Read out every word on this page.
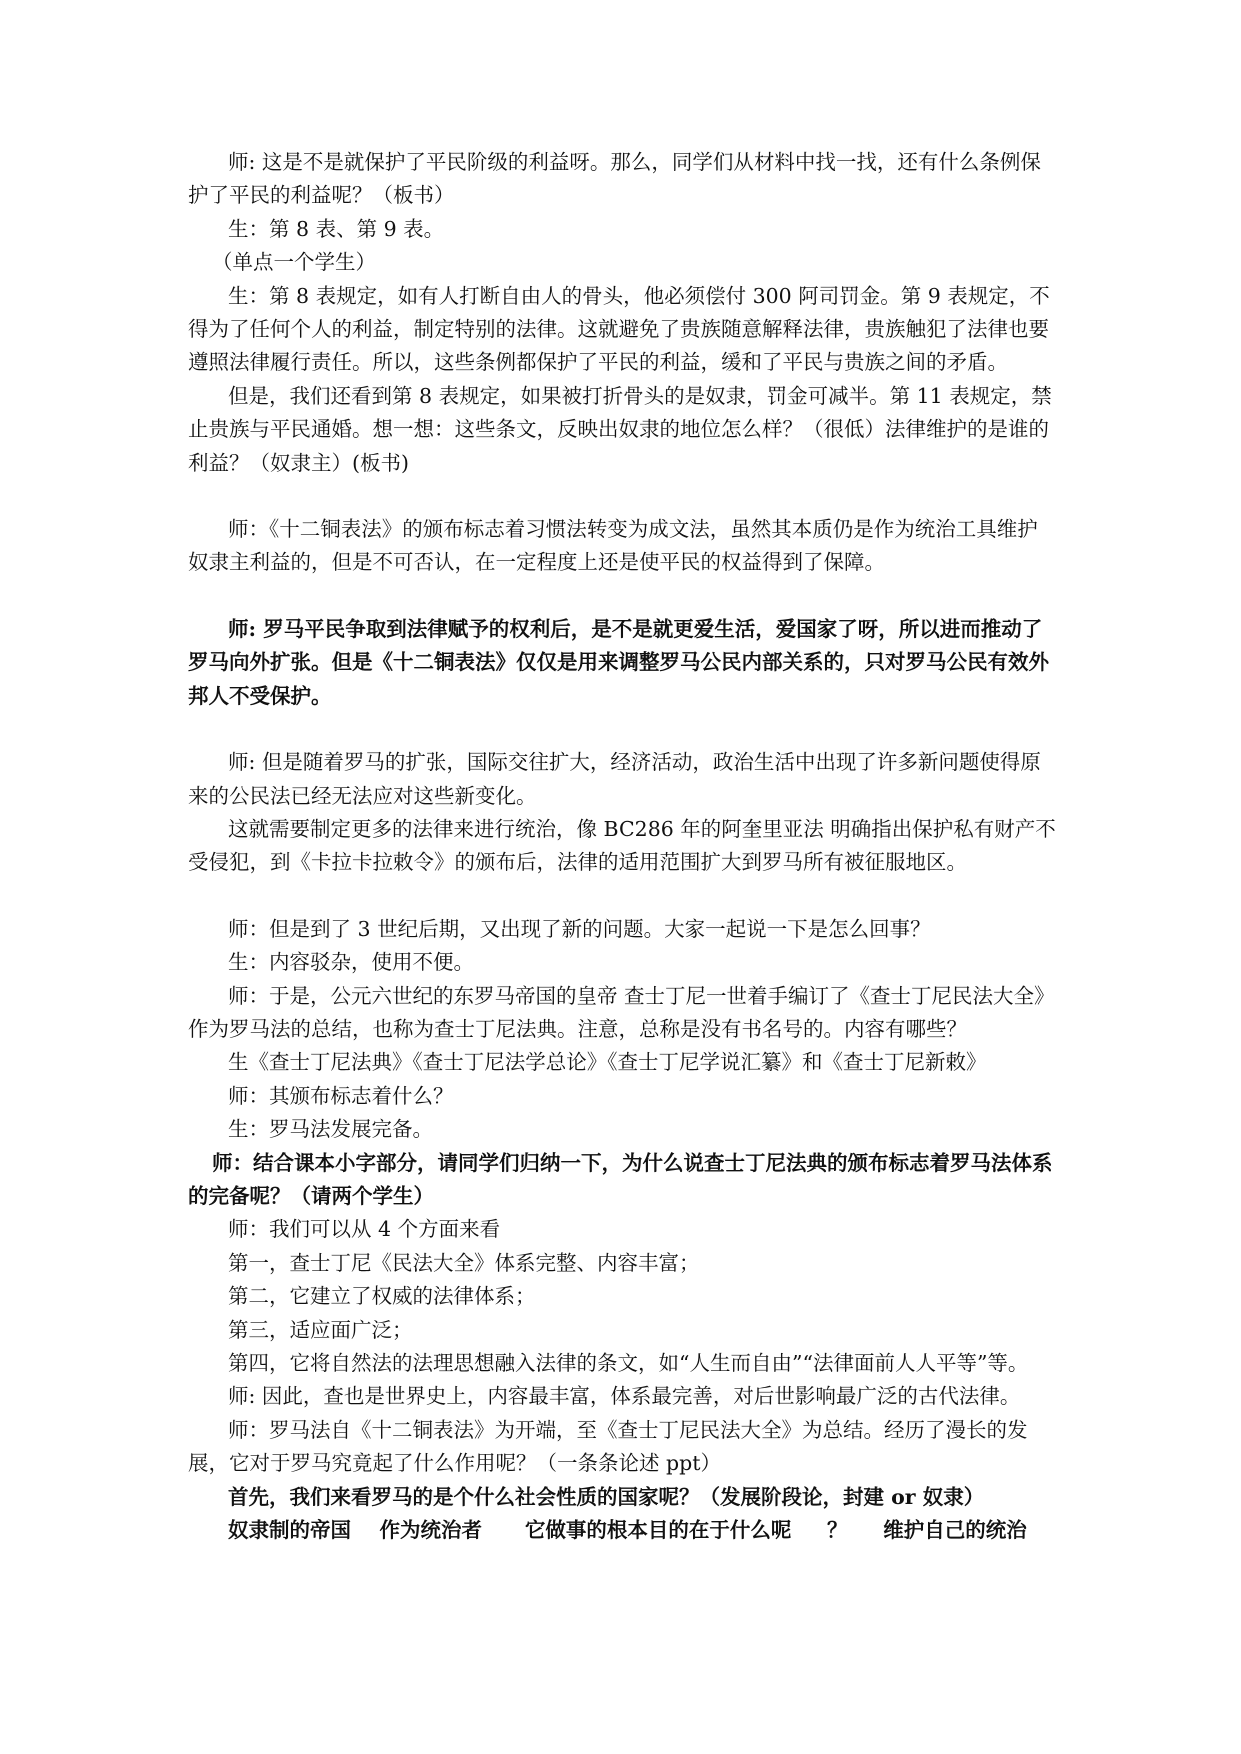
师: 这是不是就保护了平民阶级的利益呀。那么，同学们从材料中找一找，还有什么条例保护了平民的利益呢？（板书）

生：第 8 表、第 9 表。

（单点一个学生）

生：第 8 表规定，如有人打断自由人的骨头，他必须偿付 300 阿司罚金。第 9 表规定，不得为了任何个人的利益，制定特别的法律。这就避免了贵族随意解释法律，贵族触犯了法律也要遵照法律履行责任。所以，这些条例都保护了平民的利益，缓和了平民与贵族之间的矛盾。

但是，我们还看到第 8 表规定，如果被打折骨头的是奴隶，罚金可减半。第 11 表规定，禁止贵族与平民通婚。想一想：这些条文，反映出奴隶的地位怎么样？（很低）法律维护的是谁的利益？（奴隶主）(板书)

师：《十二铜表法》的颁布标志着习惯法转变为成文法，虽然其本质仍是作为统治工具维护奴隶主利益的，但是不可否认，在一定程度上还是使平民的权益得到了保障。

师: 罗马平民争取到法律赋予的权利后，是不是就更爱生活，爱国家了呀，所以进而推动了罗马向外扩张。但是《十二铜表法》仅仅是用来调整罗马公民内部关系的，只对罗马公民有效外邦人不受保护。

师: 但是随着罗马的扩张，国际交往扩大，经济活动，政治生活中出现了许多新问题使得原来的公民法已经无法应对这些新变化。

这就需要制定更多的法律来进行统治，像 BC286 年的阿奎里亚法 明确指出保护私有财产不受侵犯，到《卡拉卡拉敕令》的颁布后，法律的适用范围扩大到罗马所有被征服地区。

师：但是到了 3 世纪后期，又出现了新的问题。大家一起说一下是怎么回事？

生：内容驳杂，使用不便。

师：于是，公元六世纪的东罗马帝国的皇帝 查士丁尼一世着手编订了《查士丁尼民法大全》作为罗马法的总结，也称为查士丁尼法典。注意，总称是没有书名号的。内容有哪些？

生《查士丁尼法典》《查士丁尼法学总论》《查士丁尼学说汇纂》和《查士丁尼新敕》

师：其颁布标志着什么？

生：罗马法发展完备。

师：结合课本小字部分，请同学们归纳一下，为什么说查士丁尼法典的颁布标志着罗马法体系的完备呢？（请两个学生）

师：我们可以从 4 个方面来看

第一，查士丁尼《民法大全》体系完整、内容丰富；

第二，它建立了权威的法律体系；

第三，适应面广泛；

第四，它将自然法的法理思想融入法律的条文，如“人生而自由”“法律面前人人平等”等。

师: 因此，查也是世界史上，内容最丰富，体系最完善，对后世影响最广泛的古代法律。

师：罗马法自《十二铜表法》为开端，至《查士丁尼民法大全》为总结。经历了漫长的发展，它对于罗马究竟起了什么作用呢？（一条条论述 ppt）

首先，我们来看罗马的是个什么社会性质的国家呢？（发展阶段论，封建 or 奴隶）

奴隶制的帝国    作为统治者      它做事的根本目的在于什么呢     ？     维护自己的统治
